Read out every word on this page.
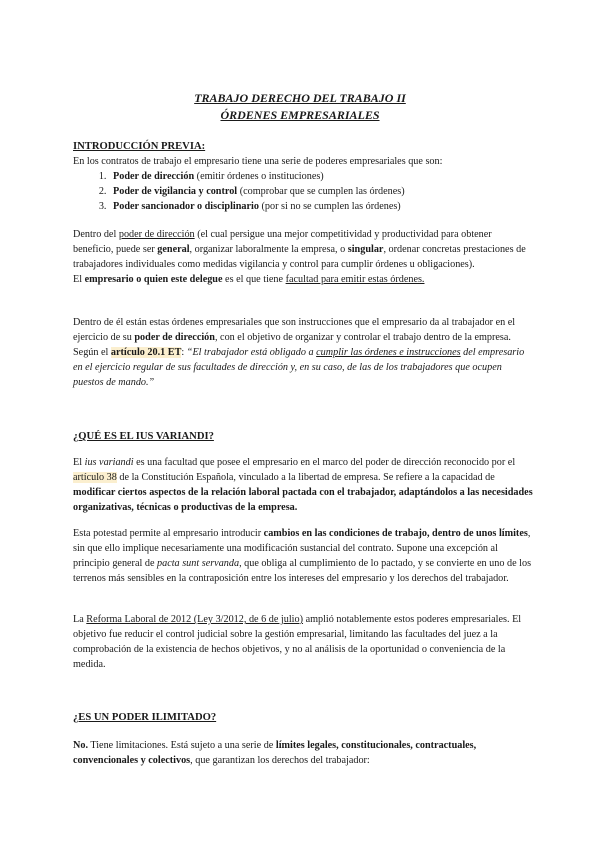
TRABAJO DERECHO DEL TRABAJO II
ÓRDENES EMPRESARIALES

INTRODUCCIÓN PREVIA:

En los contratos de trabajo el empresario tiene una serie de poderes empresariales que son:

1. Poder de dirección (emitir órdenes o instituciones)
2. Poder de vigilancia y control (comprobar que se cumplen las órdenes)
3. Poder sancionador o disciplinario (por si no se cumplen las órdenes)

Dentro del poder de dirección (el cual persigue una mejor competitividad y productividad para obtener beneficio, puede ser general, organizar laboralmente la empresa, o singular, ordenar concretas prestaciones de trabajadores individuales como medidas vigilancia y control para cumplir órdenes u obligaciones).

El empresario o quien este delegue es el que tiene facultad para emitir estas órdenes.

Dentro de él están estas órdenes empresariales que son instrucciones que el empresario da al trabajador en el ejercicio de su poder de dirección, con el objetivo de organizar y controlar el trabajo dentro de la empresa.

Según el artículo 20.1 ET: “El trabajador está obligado a cumplir las órdenes e instrucciones del empresario en el ejercicio regular de sus facultades de dirección y, en su caso, de las de los trabajadores que ocupen puestos de mando.”

¿QUÉ ES EL IUS VARIANDI?

El ius variandi es una facultad que posee el empresario en el marco del poder de dirección reconocido por el artículo 38 de la Constitución Española, vinculado a la libertad de empresa. Se refiere a la capacidad de modificar ciertos aspectos de la relación laboral pactada con el trabajador, adaptándolos a las necesidades organizativas, técnicas o productivas de la empresa.

Esta potestad permite al empresario introducir cambios en las condiciones de trabajo, dentro de unos límites, sin que ello implique necesariamente una modificación sustancial del contrato. Supone una excepción al principio general de pacta sunt servanda, que obliga al cumplimiento de lo pactado, y se convierte en uno de los terrenos más sensibles en la contraposición entre los intereses del empresario y los derechos del trabajador.

La Reforma Laboral de 2012 (Ley 3/2012, de 6 de julio) amplió notablemente estos poderes empresariales. El objetivo fue reducir el control judicial sobre la gestión empresarial, limitando las facultades del juez a la comprobación de la existencia de hechos objetivos, y no al análisis de la oportunidad o conveniencia de la medida.

¿ES UN PODER ILIMITADO?

No. Tiene limitaciones. Está sujeto a una serie de límites legales, constitucionales, contractuales, convencionales y colectivos, que garantizan los derechos del trabajador:
